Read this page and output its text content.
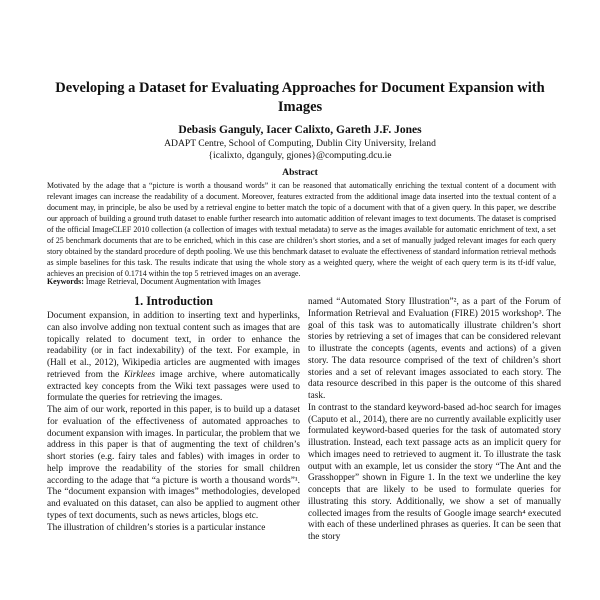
Developing a Dataset for Evaluating Approaches for Document Expansion with Images
Debasis Ganguly, Iacer Calixto, Gareth J.F. Jones
ADAPT Centre, School of Computing, Dublin City University, Ireland
{icalixto, dganguly, gjones}@computing.dcu.ie
Abstract

Motivated by the adage that a “picture is worth a thousand words” it can be reasoned that automatically enriching the textual content of a document with relevant images can increase the readability of a document. Moreover, features extracted from the additional image data inserted into the textual content of a document may, in principle, be also be used by a retrieval engine to better match the topic of a document with that of a given query. In this paper, we describe our approach of building a ground truth dataset to enable further research into automatic addition of relevant images to text documents. The dataset is comprised of the official ImageCLEF 2010 collection (a collection of images with textual metadata) to serve as the images available for automatic enrichment of text, a set of 25 benchmark documents that are to be enriched, which in this case are children’s short stories, and a set of manually judged relevant images for each query story obtained by the standard procedure of depth pooling. We use this benchmark dataset to evaluate the effectiveness of standard information retrieval methods as simple baselines for this task. The results indicate that using the whole story as a weighted query, where the weight of each query term is its tf-idf value, achieves an precision of 0.1714 within the top 5 retrieved images on an average.

Keywords: Image Retrieval, Document Augmentation with Images
1. Introduction

Document expansion, in addition to inserting text and hyperlinks, can also involve adding non textual content such as images that are topically related to document text, in order to enhance the readability (or in fact indexability) of the text. For example, in (Hall et al., 2012), Wikipedia articles are augmented with images retrieved from the Kirklees image archive, where automatically extracted key concepts from the Wiki text passages were used to formulate the queries for retrieving the images.

The aim of our work, reported in this paper, is to build up a dataset for evaluation of the effectiveness of automated approaches to document expansion with images. In particular, the problem that we address in this paper is that of augmenting the text of children’s short stories (e.g. fairy tales and fables) with images in order to help improve the readability of the stories for small children according to the adage that “a picture is worth a thousand words”¹. The “document expansion with images” methodologies, developed and evaluated on this dataset, can also be applied to augment other types of text documents, such as news articles, blogs etc.

The illustration of children’s stories is a particular instance

named “Automated Story Illustration”², as a part of the Forum of Information Retrieval and Evaluation (FIRE) 2015 workshop³. The goal of this task was to automatically illustrate children’s short stories by retrieving a set of images that can be considered relevant to illustrate the concepts (agents, events and actions) of a given story. The data resource comprised of the text of children’s short stories and a set of relevant images associated to each story. The data resource described in this paper is the outcome of this shared task.

In contrast to the standard keyword-based ad-hoc search for images (Caputo et al., 2014), there are no currently available explicitly user formulated keyword-based queries for the task of automated story illustration. Instead, each text passage acts as an implicit query for which images need to retrieved to augment it. To illustrate the task output with an example, let us consider the story “The Ant and the Grasshopper” shown in Figure 1. In the text we underline the key concepts that are likely to be used to formulate queries for illustrating this story. Additionally, we show a set of manually collected images from the results of Google image search⁴ executed with each of these underlined phrases as queries. It can be seen that the story
